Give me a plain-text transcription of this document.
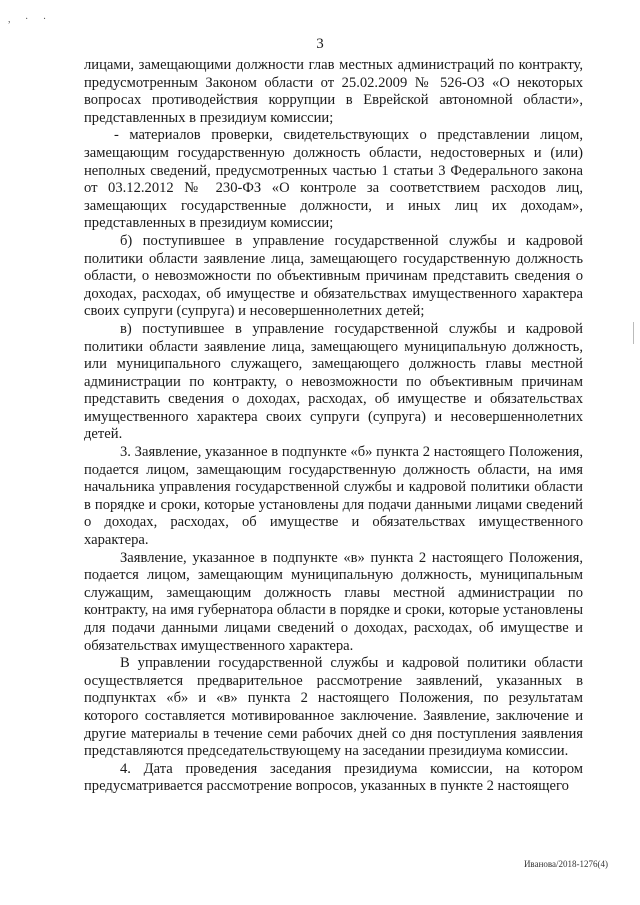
, · ·
3

лицами, замещающими должности глав местных администраций по контракту, предусмотренным Законом области от 25.02.2009 № 526-ОЗ «О некоторых вопросах противодействия коррупции в Еврейской автономной области», представленных в президиум комиссии;

- материалов проверки, свидетельствующих о представлении лицом, замещающим государственную должность области, недостоверных и (или) неполных сведений, предусмотренных частью 1 статьи 3 Федерального закона от 03.12.2012 № 230-ФЗ «О контроле за соответствием расходов лиц, замещающих государственные должности, и иных лиц их доходам», представленных в президиум комиссии;

б) поступившее в управление государственной службы и кадровой политики области заявление лица, замещающего государственную должность области, о невозможности по объективным причинам представить сведения о доходах, расходах, об имуществе и обязательствах имущественного характера своих супруги (супруга) и несовершеннолетних детей;

в) поступившее в управление государственной службы и кадровой политики области заявление лица, замещающего муниципальную должность, или муниципального служащего, замещающего должность главы местной администрации по контракту, о невозможности по объективным причинам представить сведения о доходах, расходах, об имуществе и обязательствах имущественного характера своих супруги (супруга) и несовершеннолетних детей.

3. Заявление, указанное в подпункте «б» пункта 2 настоящего Положения, подается лицом, замещающим государственную должность области, на имя начальника управления государственной службы и кадровой политики области в порядке и сроки, которые установлены для подачи данными лицами сведений о доходах, расходах, об имуществе и обязательствах имущественного характера.

Заявление, указанное в подпункте «в» пункта 2 настоящего Положения, подается лицом, замещающим муниципальную должность, муниципальным служащим, замещающим должность главы местной администрации по контракту, на имя губернатора области в порядке и сроки, которые установлены для подачи данными лицами сведений о доходах, расходах, об имуществе и обязательствах имущественного характера.

В управлении государственной службы и кадровой политики области осуществляется предварительное рассмотрение заявлений, указанных в подпунктах «б» и «в» пункта 2 настоящего Положения, по результатам которого составляется мотивированное заключение. Заявление, заключение и другие материалы в течение семи рабочих дней со дня поступления заявления представляются председательствующему на заседании президиума комиссии.

4. Дата проведения заседания президиума комиссии, на котором предусматривается рассмотрение вопросов, указанных в пункте 2 настоящего

Иванова/2018-1276(4)
